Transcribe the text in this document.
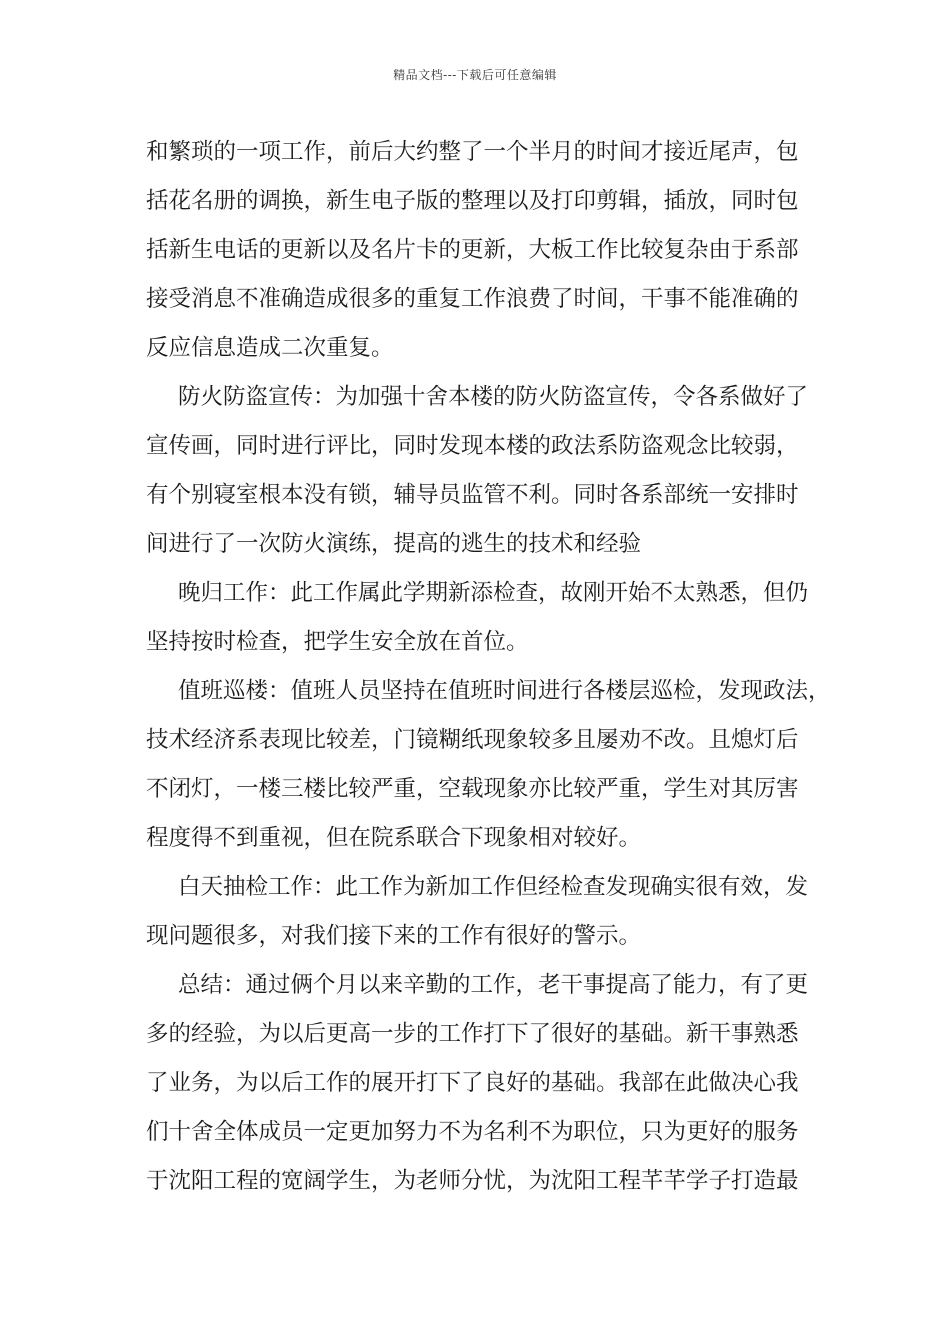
精品文档---下载后可任意编辑
和繁琐的一项工作，前后大约整了一个半月的时间才接近尾声，包
括花名册的调换，新生电子版的整理以及打印剪辑，插放，同时包
括新生电话的更新以及名片卡的更新，大板工作比较复杂由于系部
接受消息不准确造成很多的重复工作浪费了时间，干事不能准确的
反应信息造成二次重复。
防火防盗宣传：为加强十舍本楼的防火防盗宣传，令各系做好了
宣传画，同时进行评比，同时发现本楼的政法系防盗观念比较弱，
有个别寝室根本没有锁，辅导员监管不利。同时各系部统一安排时
间进行了一次防火演练，提高的逃生的技术和经验
晚归工作：此工作属此学期新添检查，故刚开始不太熟悉，但仍
坚持按时检查，把学生安全放在首位。
值班巡楼：值班人员坚持在值班时间进行各楼层巡检，发现政法，
技术经济系表现比较差，门镜糊纸现象较多且屡劝不改。且熄灯后
不闭灯，一楼三楼比较严重，空载现象亦比较严重，学生对其厉害
程度得不到重视，但在院系联合下现象相对较好。
白天抽检工作：此工作为新加工作但经检查发现确实很有效，发
现问题很多，对我们接下来的工作有很好的警示。
总结：通过俩个月以来辛勤的工作，老干事提高了能力，有了更
多的经验，为以后更高一步的工作打下了很好的基础。新干事熟悉
了业务，为以后工作的展开打下了良好的基础。我部在此做决心我
们十舍全体成员一定更加努力不为名利不为职位，只为更好的服务
于沈阳工程的宽阔学生，为老师分忧，为沈阳工程芊芊学子打造最
